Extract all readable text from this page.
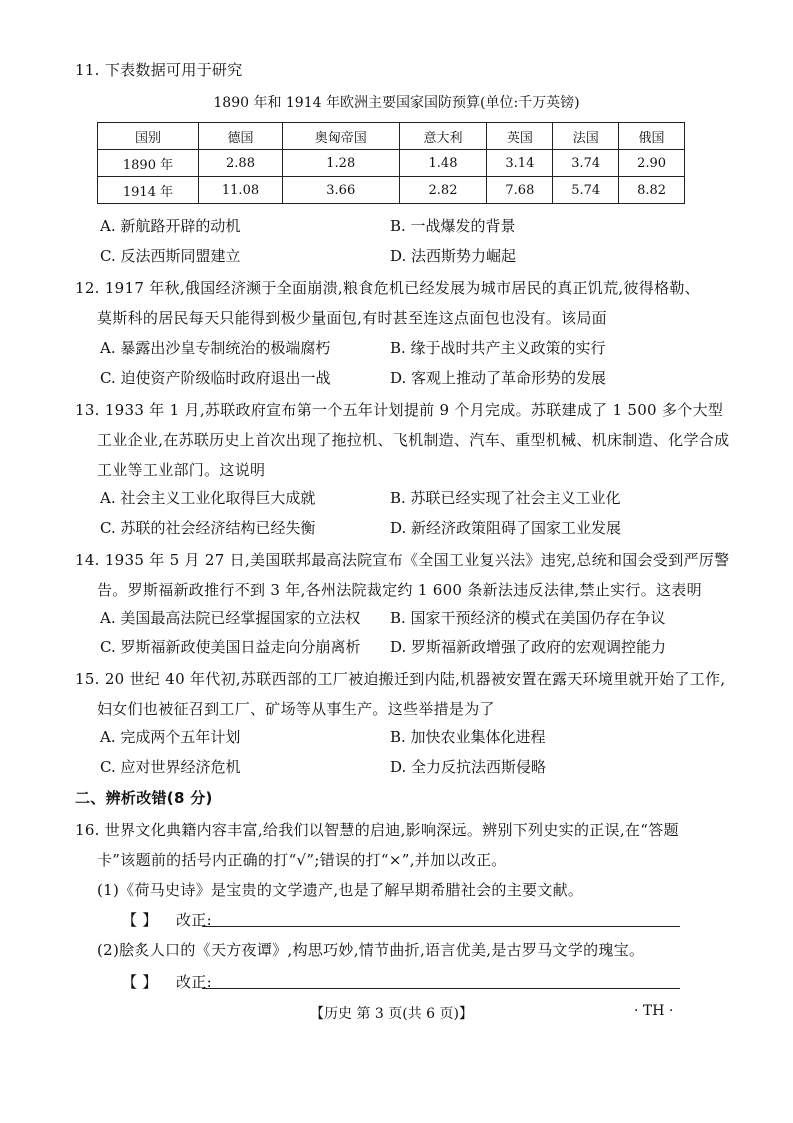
11. 下表数据可用于研究
1890 年和 1914 年欧洲主要国家国防预算(单位:千万英镑)
国别	德国	奥匈帝国	意大利	英国	法国	俄国
1890 年	2.88	1.28	1.48	3.14	3.74	2.90
1914 年	11.08	3.66	2.82	7.68	5.74	8.82
A. 新航路开辟的动机	B. 一战爆发的背景
C. 反法西斯同盟建立	D. 法西斯势力崛起
12. 1917 年秋,俄国经济濒于全面崩溃,粮食危机已经发展为城市居民的真正饥荒,彼得格勒、
莫斯科的居民每天只能得到极少量面包,有时甚至连这点面包也没有。该局面
A. 暴露出沙皇专制统治的极端腐朽	B. 缘于战时共产主义政策的实行
C. 迫使资产阶级临时政府退出一战	D. 客观上推动了革命形势的发展
13. 1933 年 1 月,苏联政府宣布第一个五年计划提前 9 个月完成。苏联建成了 1 500 多个大型
工业企业,在苏联历史上首次出现了拖拉机、飞机制造、汽车、重型机械、机床制造、化学合成
工业等工业部门。这说明
A. 社会主义工业化取得巨大成就	B. 苏联已经实现了社会主义工业化
C. 苏联的社会经济结构已经失衡	D. 新经济政策阻碍了国家工业发展
14. 1935 年 5 月 27 日,美国联邦最高法院宣布《全国工业复兴法》违宪,总统和国会受到严厉警
告。罗斯福新政推行不到 3 年,各州法院裁定约 1 600 条新法违反法律,禁止实行。这表明
A. 美国最高法院已经掌握国家的立法权 B. 国家干预经济的模式在美国仍存在争议
C. 罗斯福新政使美国日益走向分崩离析 D. 罗斯福新政增强了政府的宏观调控能力
15. 20 世纪 40 年代初,苏联西部的工厂被迫搬迁到内陆,机器被安置在露天环境里就开始了工作,
妇女们也被征召到工厂、矿场等从事生产。这些举措是为了
A. 完成两个五年计划	B. 加快农业集体化进程
C. 应对世界经济危机	D. 全力反抗法西斯侵略
二、辨析改错(8 分)
16. 世界文化典籍内容丰富,给我们以智慧的启迪,影响深远。辨别下列史实的正误,在“答题
卡”该题前的括号内正确的打“√”;错误的打“×”,并加以改正。
(1)《荷马史诗》是宝贵的文学遗产,也是了解早期希腊社会的主要文献。
【 】 改正:
(2)脍炙人口的《天方夜谭》,构思巧妙,情节曲折,语言优美,是古罗马文学的瑰宝。
【 】 改正:
【历史 第 3 页(共 6 页)】	· TH ·
